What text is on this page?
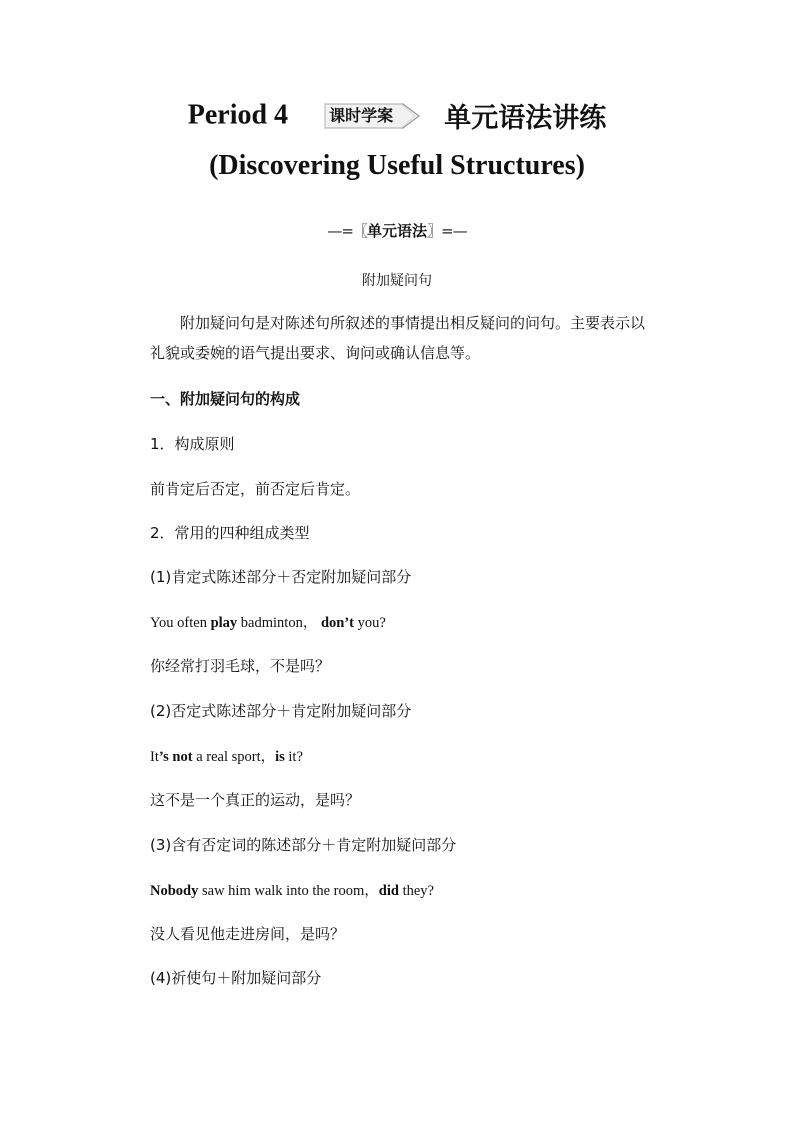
Period 4	课时学案 单元语法讲练
(Discovering Useful Structures)
—=〖单元语法〗=—
附加疑问句
附加疑问句是对陈述句所叙述的事情提出相反疑问的问句。主要表示以礼貌或委婉的语气提出要求、询问或确认信息等。
一、附加疑问句的构成
1．构成原则
前肯定后否定，前否定后肯定。
2．常用的四种组成类型
(1)肯定式陈述部分＋否定附加疑问部分
You often play badminton， don’t you?
你经常打羽毛球，不是吗？
(2)否定式陈述部分＋肯定附加疑问部分
It’s not a real sport，is it?
这不是一个真正的运动，是吗？
(3)含有否定词的陈述部分＋肯定附加疑问部分
Nobody saw him walk into the room，did they?
没人看见他走进房间，是吗？
(4)祈使句＋附加疑问部分
